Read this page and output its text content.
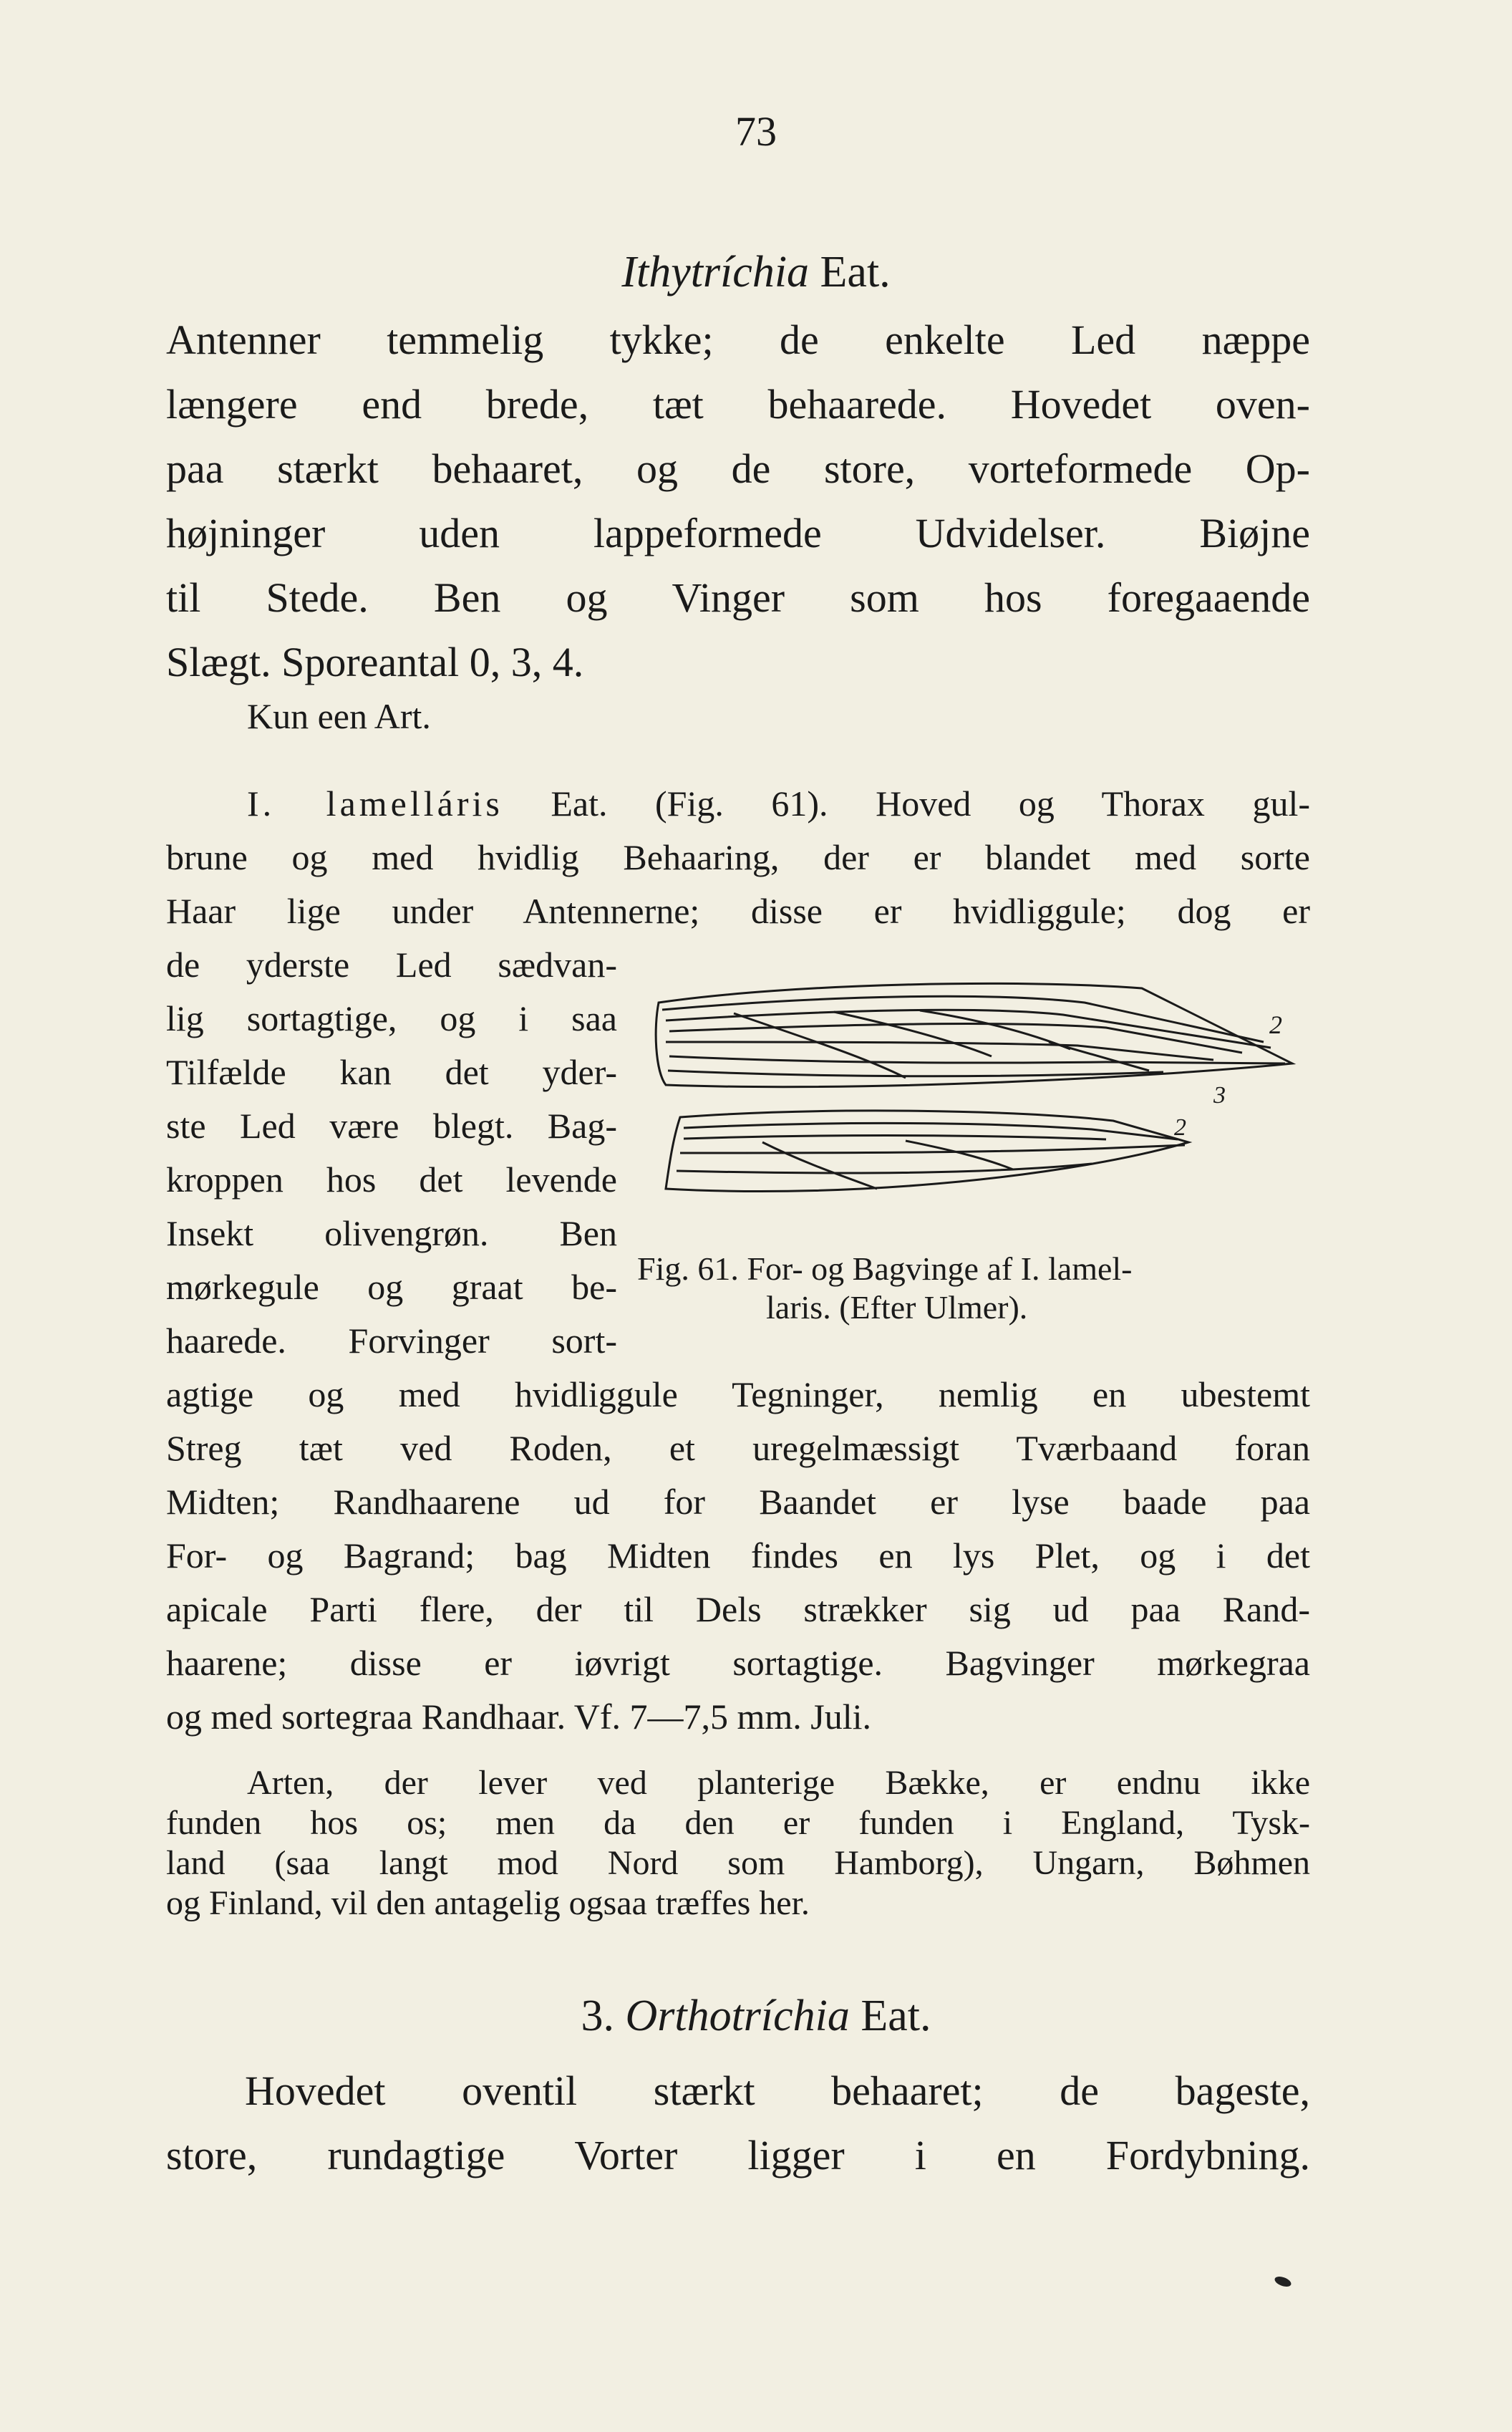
73
Ithytríchia Eat.
Antenner temmelig tykke; de enkelte Led næppe
længere end brede, tæt behaarede. Hovedet oven-
paa stærkt behaaret, og de store, vorteformede Op-
højninger uden lappeformede Udvidelser. Biøjne
til Stede. Ben og Vinger som hos foregaaende
Slægt. Sporeantal 0, 3, 4.
Kun een Art.
I. lamelláris Eat. (Fig. 61). Hoved og Thorax gul-
brune og med hvidlig Behaaring, der er blandet med sorte
Haar lige under Antennerne; disse er hvidliggule; dog er
de yderste Led sædvan-
lig sortagtige, og i saa
Tilfælde kan det yder-
ste Led være blegt. Bag-
kroppen hos det levende
Insekt olivengrøn. Ben
mørkegule og graat be-
haarede. Forvinger sort-
2
3
2
Fig. 61. For- og Bagvinge af I. lamel-
laris. (Efter Ulmer).
agtige og med hvidliggule Tegninger, nemlig en ubestemt
Streg tæt ved Roden, et uregelmæssigt Tværbaand foran
Midten; Randhaarene ud for Baandet er lyse baade paa
For- og Bagrand; bag Midten findes en lys Plet, og i det
apicale Parti flere, der til Dels strækker sig ud paa Rand-
haarene; disse er iøvrigt sortagtige. Bagvinger mørkegraa
og med sortegraa Randhaar. Vf. 7—7,5 mm. Juli.
Arten, der lever ved planterige Bække, er endnu ikke
funden hos os; men da den er funden i England, Tysk-
land (saa langt mod Nord som Hamborg), Ungarn, Bøhmen
og Finland, vil den antagelig ogsaa træffes her.
3. Orthotríchia Eat.
Hovedet oventil stærkt behaaret; de bageste,
store, rundagtige Vorter ligger i en Fordybning.
